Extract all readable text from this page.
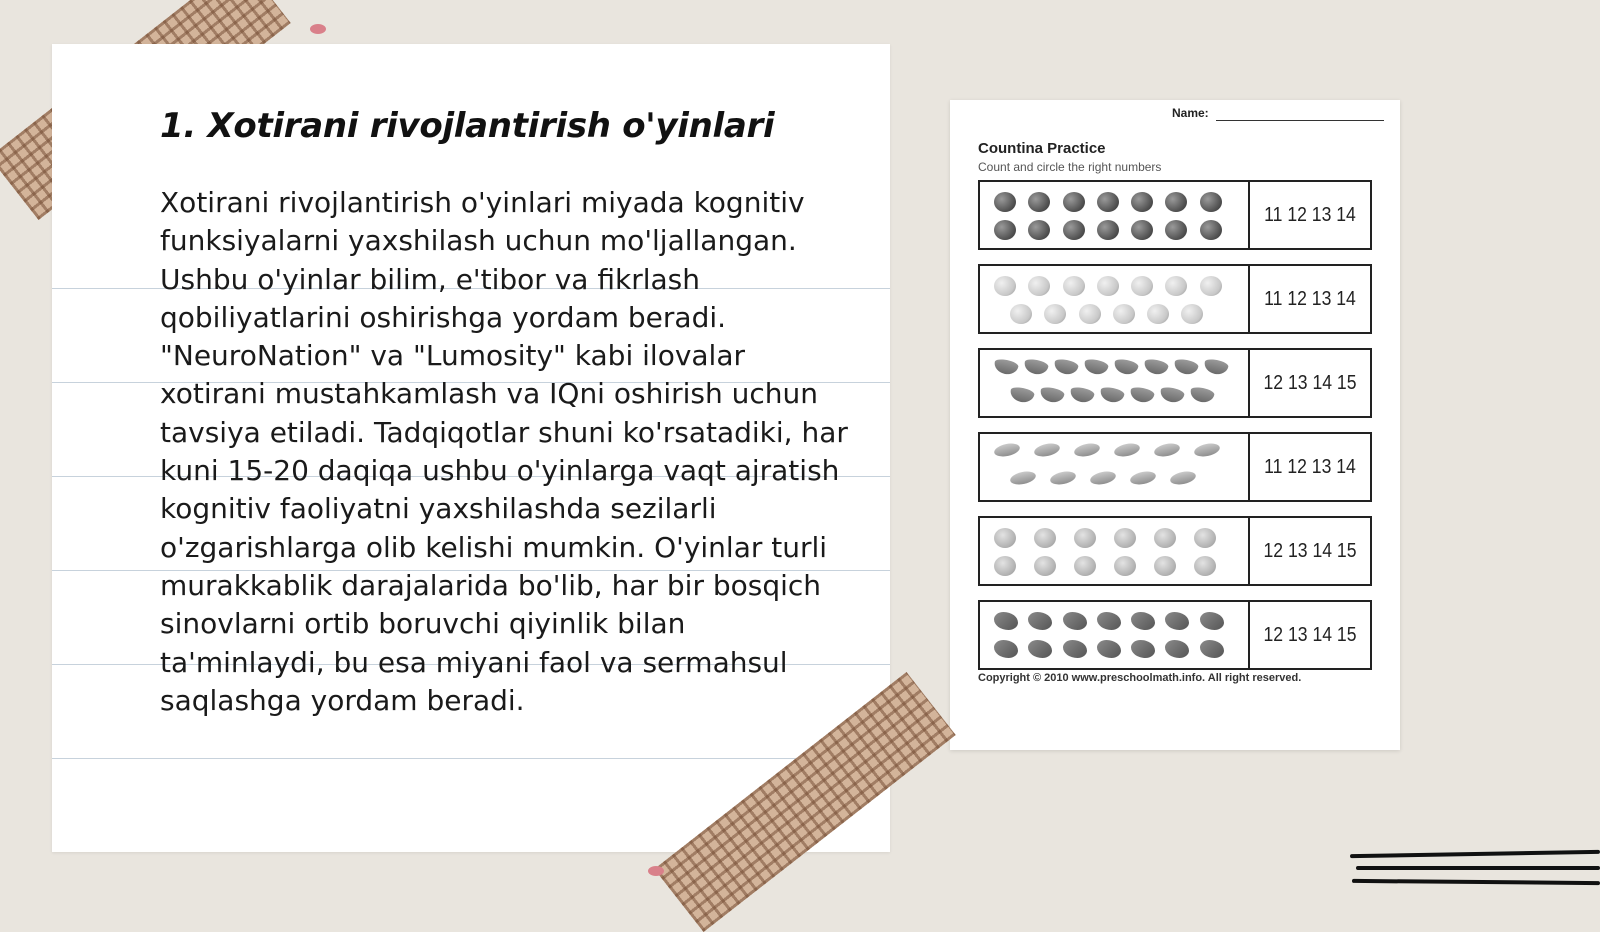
1. Xotirani rivojlantirish o'yinlari

Xotirani rivojlantirish o'yinlari miyada kognitiv funksiyalarni yaxshilash uchun mo'ljallangan. Ushbu o'yinlar bilim, e'tibor va fikrlash qobiliyatlarini oshirishga yordam beradi. "NeuroNation" va "Lumosity" kabi ilovalar xotirani mustahkamlash va IQni oshirish uchun tavsiya etiladi. Tadqiqotlar shuni ko'rsatadiki, har kuni 15-20 daqiqa ushbu o'yinlarga vaqt ajratish kognitiv faoliyatni yaxshilashda sezilarli o'zgarishlarga olib kelishi mumkin. O'yinlar turli murakkablik darajalarida bo'lib, har bir bosqich sinovlarni ortib boruvchi qiyinlik bilan ta'minlaydi, bu esa miyani faol va sermahsul saqlashga yordam beradi.

Name:
Countina Practice
Count and circle the right numbers
11 12 13 14
11 12 13 14
12 13 14 15
11 12 13 14
12 13 14 15
12 13 14 15
Copyright © 2010 www.preschoolmath.info. All right reserved.
